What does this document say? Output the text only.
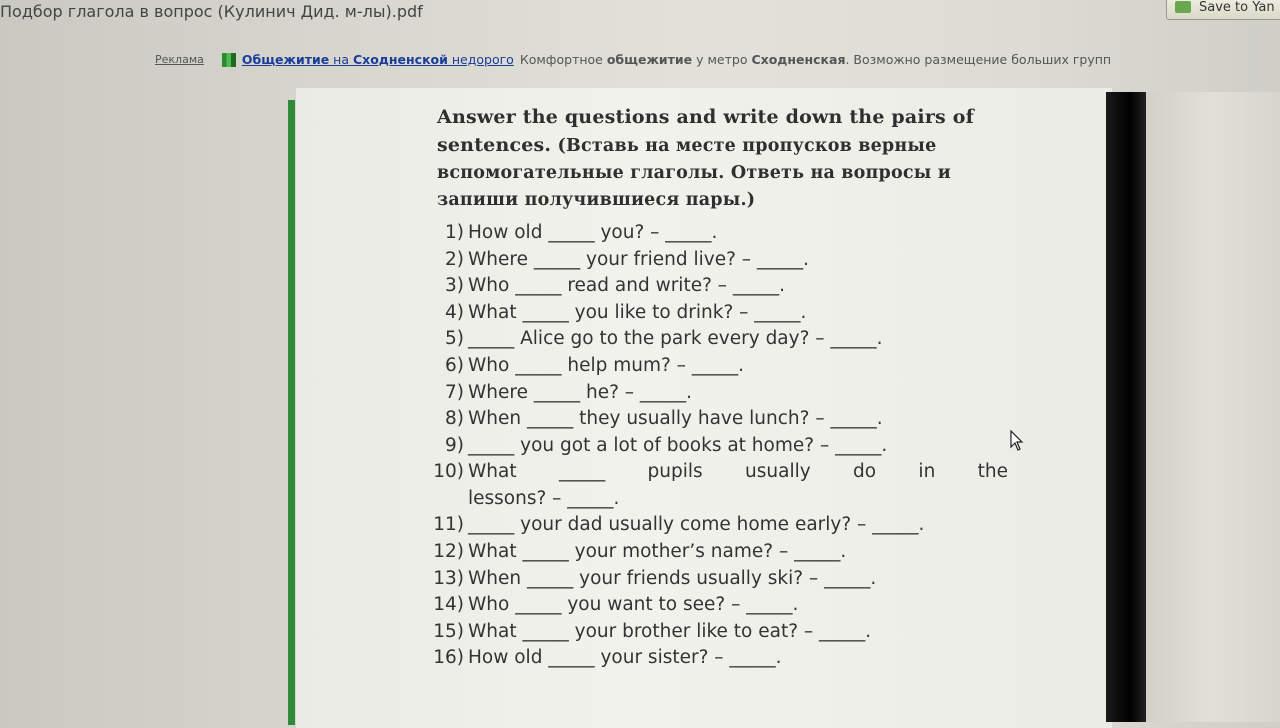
Подбор глагола в вопрос (Кулинич Дид. м-лы).pdf	Save to Yan
Реклама	Общежитие на Сходненской недорого Комфортное общежитие у метро Сходненская. Возможно размещение больших групп
Answer the questions and write down the pairs of sentences. (Вставь на месте пропусков верные вспомогательные глаголы. Ответь на вопросы и запиши получившиеся пары.)
1) How old _____ you? – _____.
2) Where _____ your friend live? – _____.
3) Who _____ read and write? – _____.
4) What _____ you like to drink? – _____.
5) _____ Alice go to the park every day? – _____.
6) Who _____ help mum? – _____.
7) Where _____ he? – _____.
8) When _____ they usually have lunch? – _____.
9) _____ you got a lot of books at home? – _____.
10) What _____ pupils usually do in the
lessons? – _____.
11) _____ your dad usually come home early? – _____.
12) What _____ your mother’s name? – _____.
13) When _____ your friends usually ski? – _____.
14) Who _____ you want to see? – _____.
15) What _____ your brother like to eat? – _____.
16) How old _____ your sister? – _____.
